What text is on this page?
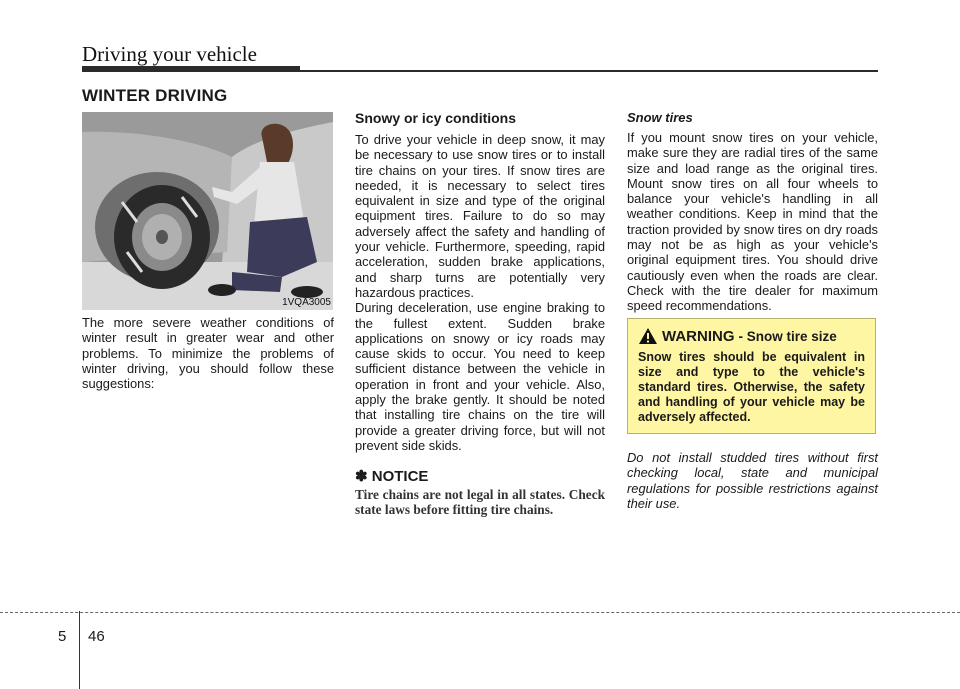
Driving your vehicle
WINTER DRIVING
1VQA3005
The more severe weather conditions of winter result in greater wear and other problems. To minimize the problems of winter driving, you should follow these suggestions:
Snowy or icy conditions

To drive your vehicle in deep snow, it may be necessary to use snow tires or to install tire chains on your tires. If snow tires are needed, it is necessary to select tires equivalent in size and type of the original equipment tires. Failure to do so may adversely affect the safety and handling of your vehicle. Furthermore, speeding, rapid acceleration, sudden brake applications, and sharp turns are potentially very hazardous practices.

During deceleration, use engine braking to the fullest extent. Sudden brake applications on snowy or icy roads may cause skids to occur. You need to keep sufficient distance between the vehicle in operation in front and your vehicle. Also, apply the brake gently. It should be noted that installing tire chains on the tire will provide a greater driving force, but will not prevent side skids.

✽ NOTICE

Tire chains are not legal in all states. Check state laws before fitting tire chains.

Snow tires

If you mount snow tires on your vehicle, make sure they are radial tires of the same size and load range as the original tires. Mount snow tires on all four wheels to balance your vehicle's handling in all weather conditions. Keep in mind that the traction provided by snow tires on dry roads may not be as high as your vehicle's original equipment tires. You should drive cautiously even when the roads are clear. Check with the tire dealer for maximum speed recommendations.

WARNING - Snow tire size
Snow tires should be equivalent in size and type to the vehicle's standard tires. Otherwise, the safety and handling of your vehicle may be adversely affected.
Do not install studded tires without first checking local, state and municipal regulations for possible restrictions against their use.
5 46
